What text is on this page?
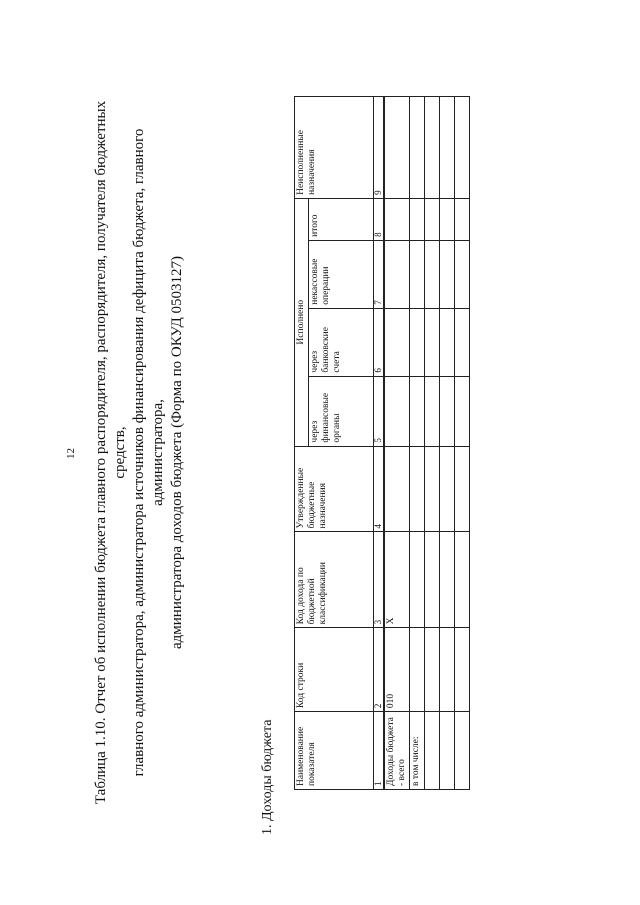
12 Таблица 1.10. Отчет об исполнении бюджета главного распорядителя, распорядителя, получателя бюджетных средств, главного администратора, администратора источников финансирования дефицита бюджета, главного администратора, администратора доходов бюджета (Форма по ОКУД 0503127)
1. Доходы бюджета Наименование показателя	Код строки	Код дохода по бюджетной классификации	Утвержденные бюджетные назначения	Исполнено				Неисполненные назначения
				через финансовые органы	через банковские счета	некассовые операции	итого	
1	2	3	4	5	6	7	8	9
Доходы бюджета - всего	010	X						
в том числе:								
